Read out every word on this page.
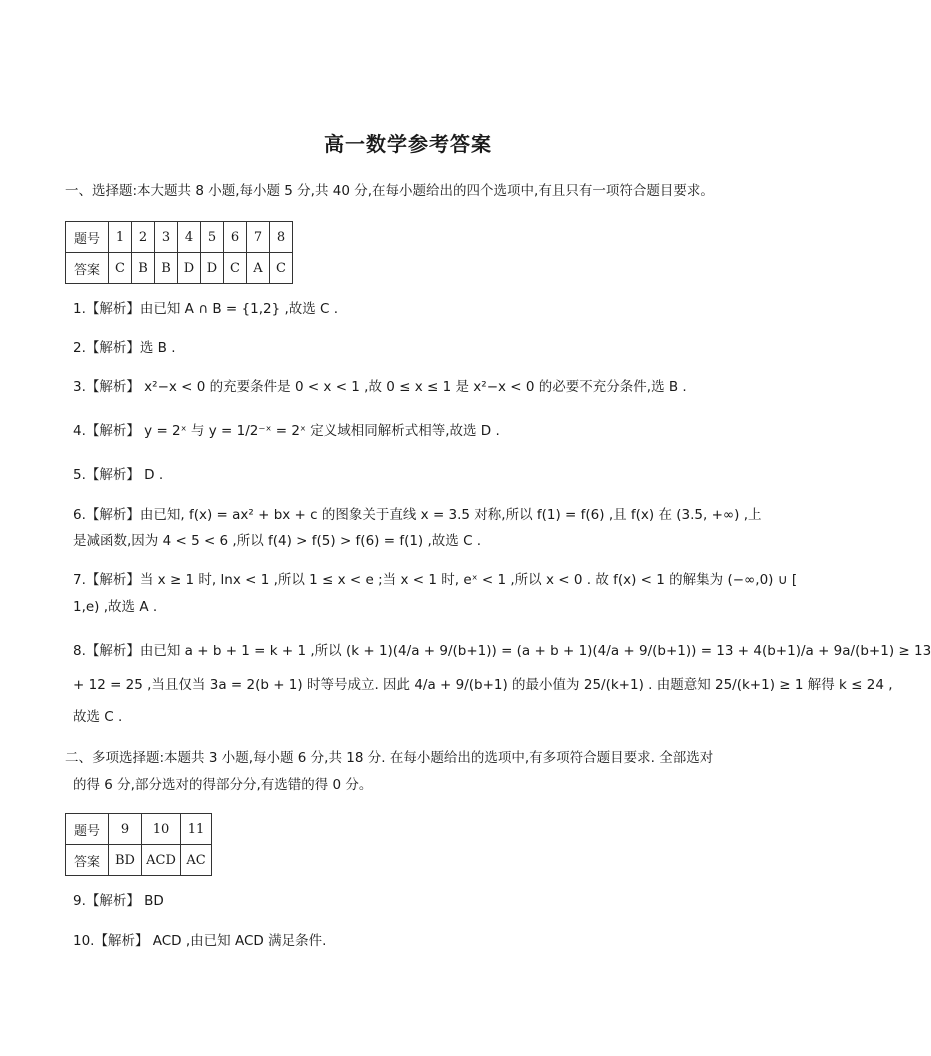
高一数学参考答案
一、选择题:本大题共 8 小题,每小题 5 分,共 40 分,在每小题给出的四个选项中,有且只有一项符合题目要求。
题号	1	2	3	4	5	6	7	8
答案	C	B	B	D	D	C	A	C
1.【解析】由已知 A ∩ B = {1,2} ,故选 C .
2.【解析】选 B .
3.【解析】 x²−x < 0 的充要条件是 0 < x < 1 ,故 0 ≤ x ≤ 1 是 x²−x < 0 的必要不充分条件,选 B .
4.【解析】 y = 2ˣ 与 y = 1/2⁻ˣ = 2ˣ 定义域相同解析式相等,故选 D .
5.【解析】 D .
6.【解析】由已知, f(x) = ax² + bx + c 的图象关于直线 x = 3.5 对称,所以 f(1) = f(6) ,且 f(x) 在 (3.5, +∞) ,上
是减函数,因为 4 < 5 < 6 ,所以 f(4) > f(5) > f(6) = f(1) ,故选 C .
7.【解析】当 x ≥ 1 时, lnx < 1 ,所以 1 ≤ x < e ;当 x < 1 时, eˣ < 1 ,所以 x < 0 . 故 f(x) < 1 的解集为 (−∞,0) ∪ [
1,e) ,故选 A .
8.【解析】由已知 a + b + 1 = k + 1 ,所以 (k + 1)(4/a + 9/(b+1)) = (a + b + 1)(4/a + 9/(b+1)) = 13 + 4(b+1)/a + 9a/(b+1) ≥ 13
+ 12 = 25 ,当且仅当 3a = 2(b + 1) 时等号成立. 因此 4/a + 9/(b+1) 的最小值为 25/(k+1) . 由题意知 25/(k+1) ≥ 1 解得 k ≤ 24 ,
故选 C .
二、多项选择题:本题共 3 小题,每小题 6 分,共 18 分. 在每小题给出的选项中,有多项符合题目要求. 全部选对
的得 6 分,部分选对的得部分分,有选错的得 0 分。
题号	9	10	11
答案	BD	ACD	AC
9.【解析】 BD
10.【解析】 ACD ,由已知 ACD 满足条件.
